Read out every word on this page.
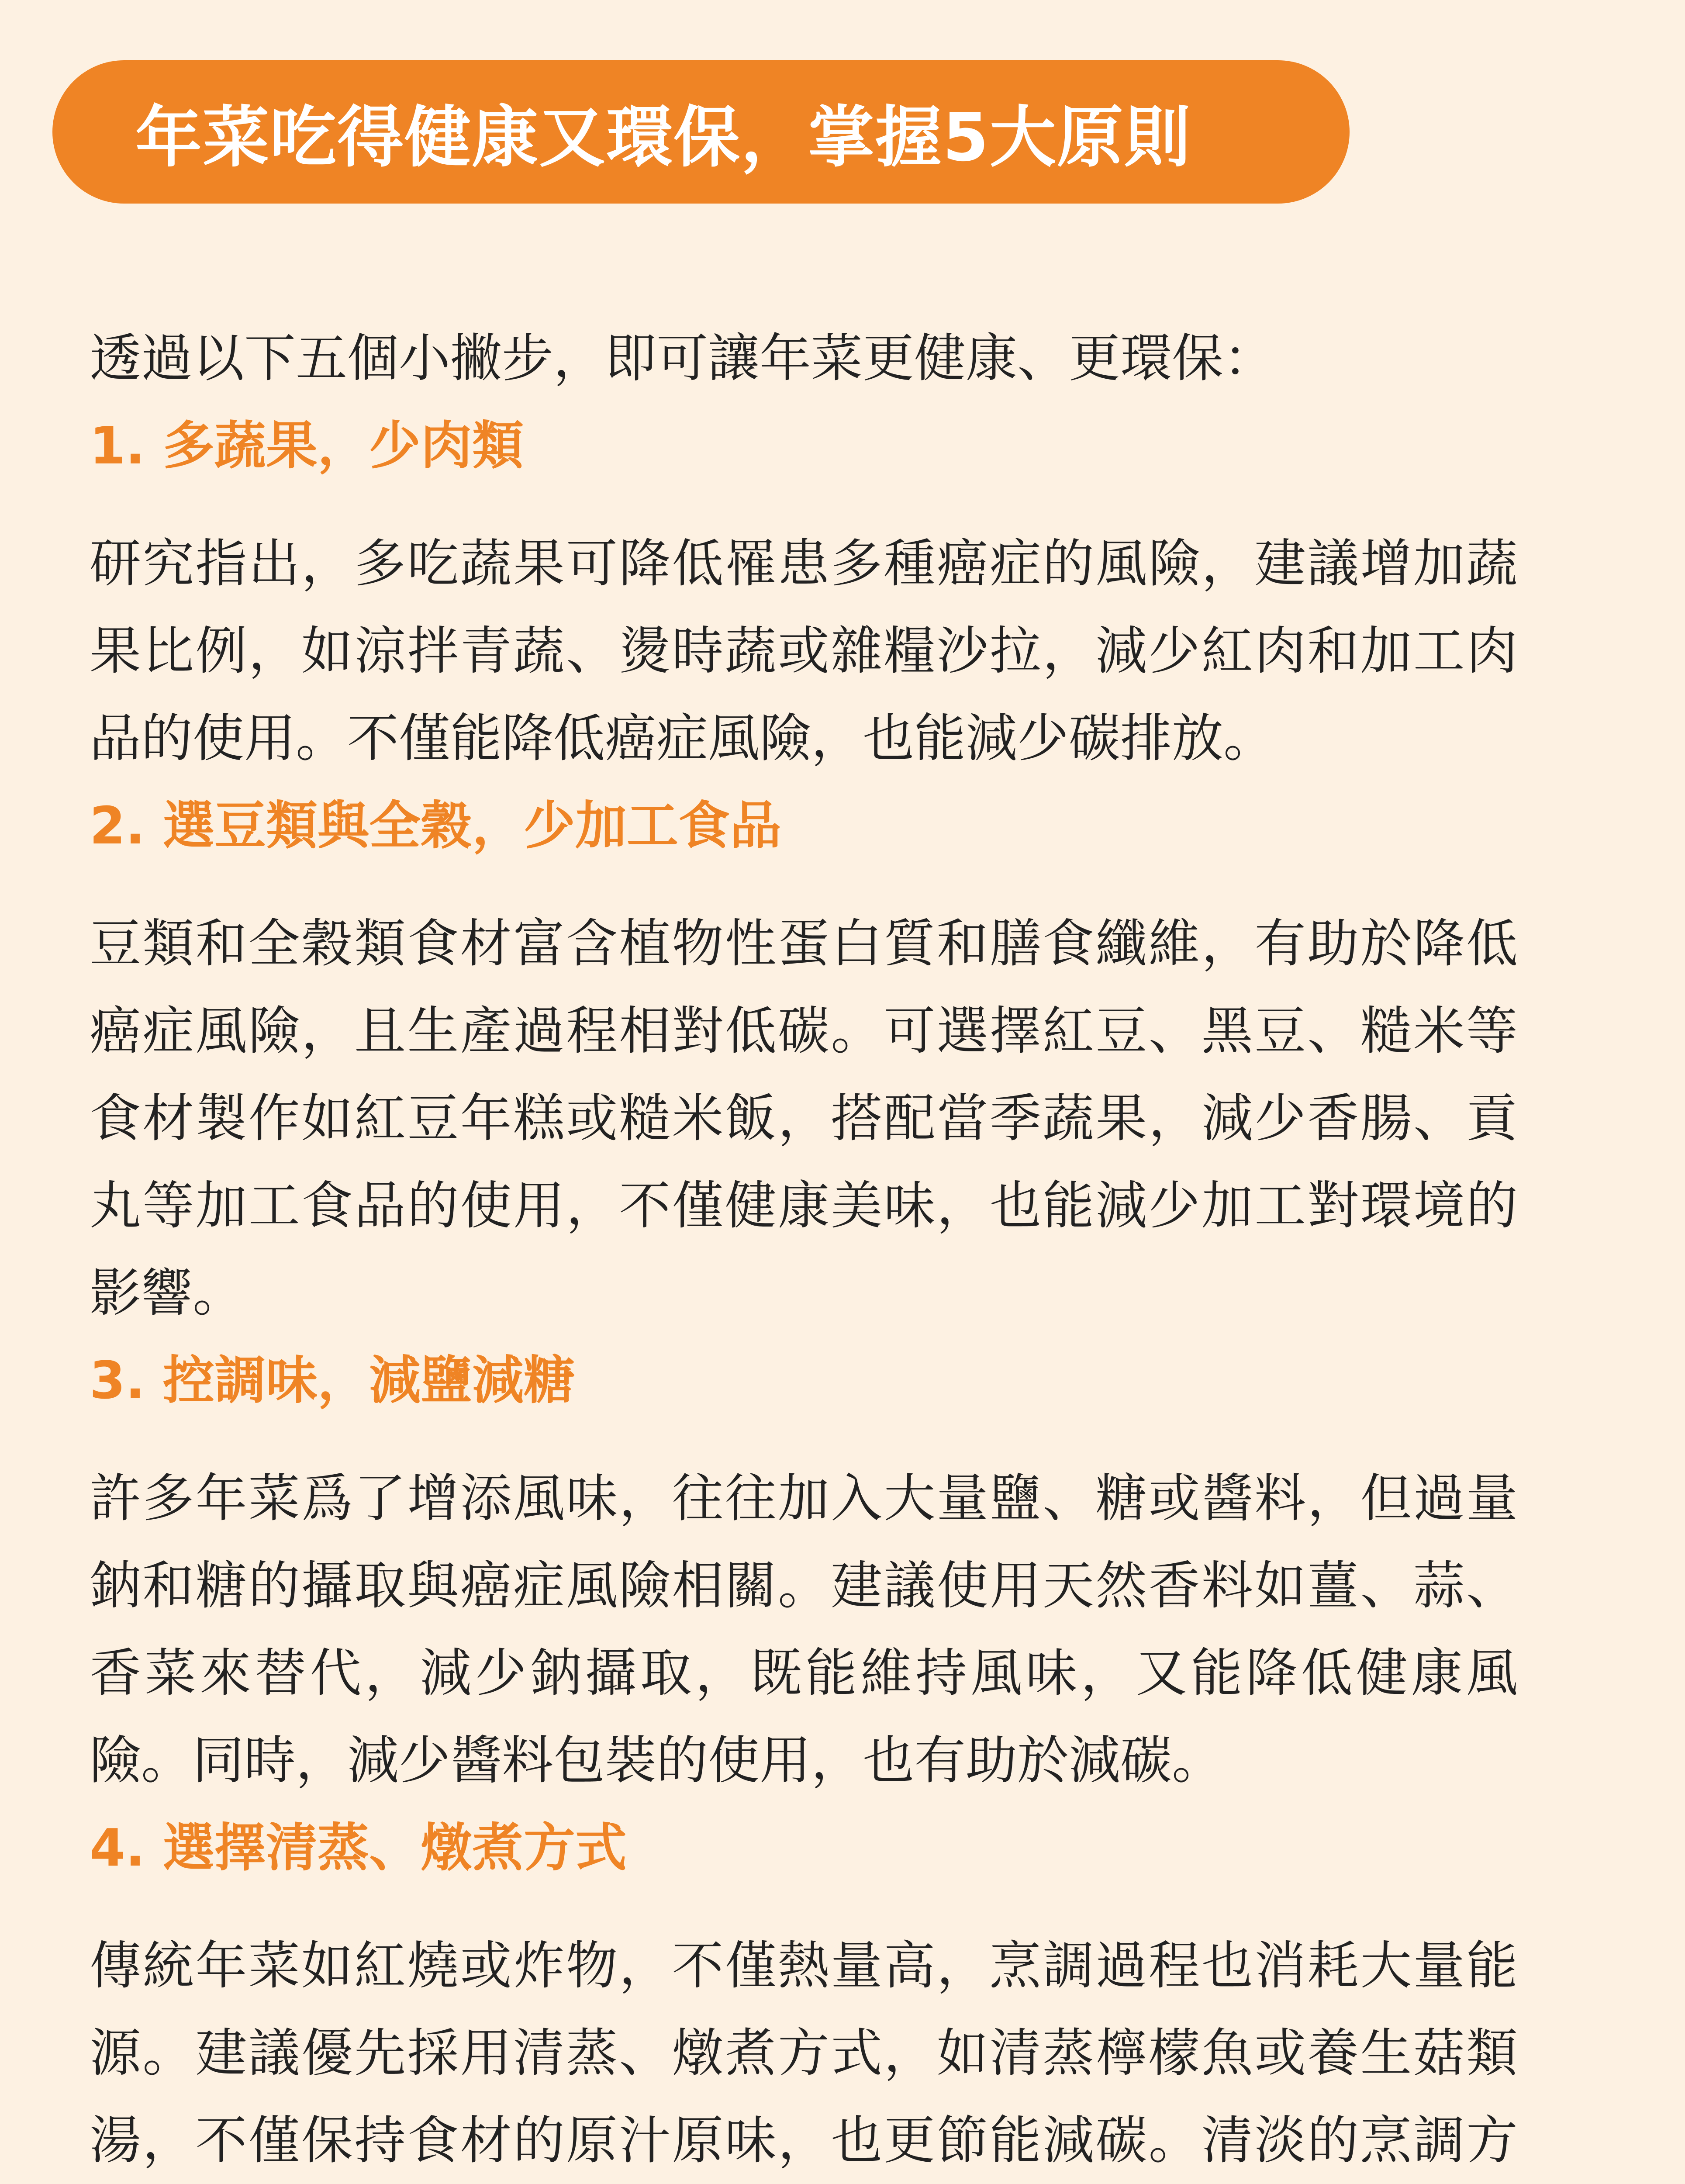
年菜吃得健康又環保，掌握5大原則

透過以下五個小撇步，即可讓年菜更健康、更環保：

1. 多蔬果，少肉類

研究指出，多吃蔬果可降低罹患多種癌症的風險，建議增加蔬果比例，如涼拌青蔬、燙時蔬或雜糧沙拉，減少紅肉和加工肉品的使用。不僅能降低癌症風險，也能減少碳排放。

2. 選豆類與全穀，少加工食品

豆類和全穀類食材富含植物性蛋白質和膳食纖維，有助於降低癌症風險，且生產過程相對低碳。可選擇紅豆、黑豆、糙米等食材製作如紅豆年糕或糙米飯，搭配當季蔬果，減少香腸、貢丸等加工食品的使用，不僅健康美味，也能減少加工對環境的影響。

3. 控調味，減鹽減糖

許多年菜爲了增添風味，往往加入大量鹽、糖或醬料，但過量鈉和糖的攝取與癌症風險相關。建議使用天然香料如薑、蒜、香菜來替代，減少鈉攝取，既能維持風味，又能降低健康風險。同時，減少醬料包裝的使用，也有助於減碳。

4. 選擇清蒸、燉煮方式

傳統年菜如紅燒或炸物，不僅熱量高，烹調過程也消耗大量能源。建議優先採用清蒸、燉煮方式，如清蒸檸檬魚或養生菇類湯，不僅保持食材的原汁原味，也更節能減碳。清淡的烹調方
